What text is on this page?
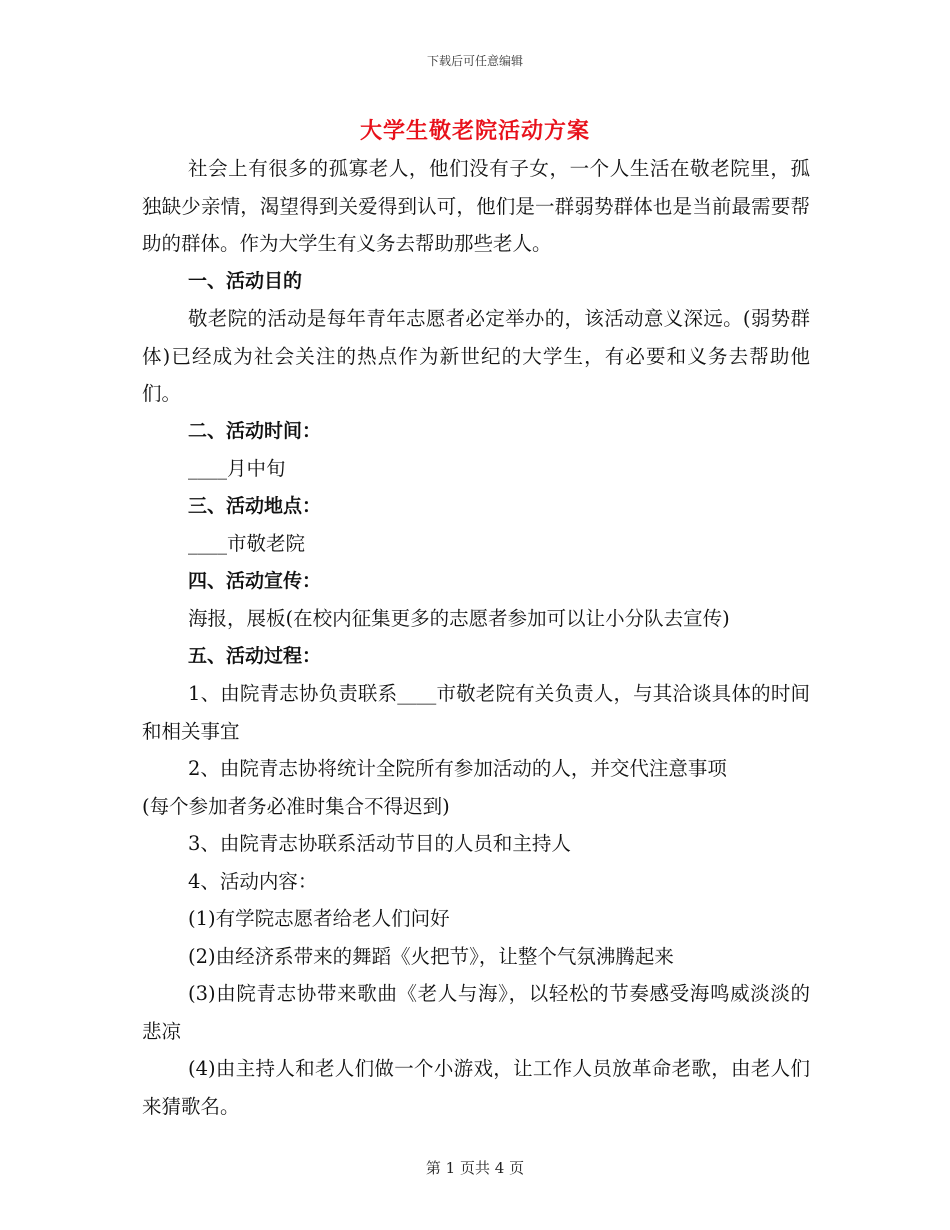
下载后可任意编辑
大学生敬老院活动方案

社会上有很多的孤寡老人，他们没有子女，一个人生活在敬老院里，孤独缺少亲情，渴望得到关爱得到认可，他们是一群弱势群体也是当前最需要帮助的群体。作为大学生有义务去帮助那些老人。

一、活动目的

敬老院的活动是每年青年志愿者必定举办的，该活动意义深远。(弱势群体)已经成为社会关注的热点作为新世纪的大学生，有必要和义务去帮助他们。

二、活动时间：

____月中旬

三、活动地点：

____市敬老院

四、活动宣传：

海报，展板(在校内征集更多的志愿者参加可以让小分队去宣传)

五、活动过程：

1、由院青志协负责联系____市敬老院有关负责人，与其洽谈具体的时间和相关事宜

2、由院青志协将统计全院所有参加活动的人，并交代注意事项

(每个参加者务必准时集合不得迟到)

3、由院青志协联系活动节目的人员和主持人

4、活动内容：

(1)有学院志愿者给老人们问好

(2)由经济系带来的舞蹈《火把节》，让整个气氛沸腾起来

(3)由院青志协带来歌曲《老人与海》，以轻松的节奏感受海鸣威淡淡的悲凉

(4)由主持人和老人们做一个小游戏，让工作人员放革命老歌，由老人们来猜歌名。

第 1 页共 4 页
